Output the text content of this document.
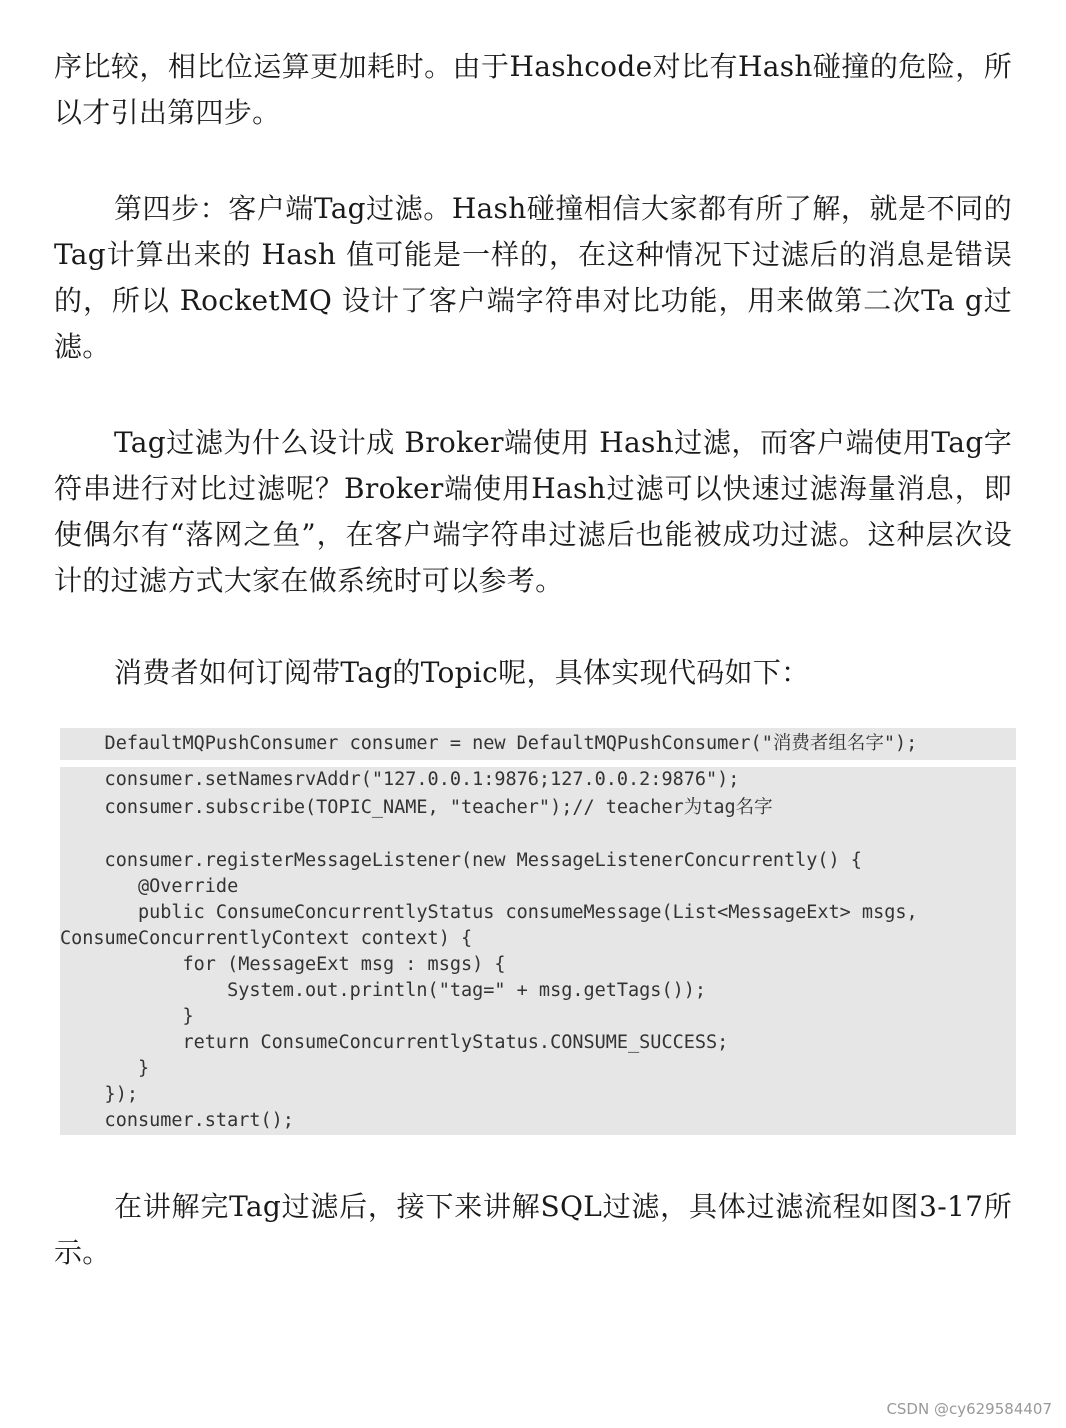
序比较，相比位运算更加耗时。由于Hashcode对比有Hash碰撞的危险，所以才引出第四步。

第四步：客户端Tag过滤。Hash碰撞相信大家都有所了解，就是不同的Tag计算出来的 Hash 值可能是一样的，在这种情况下过滤后的消息是错误的，所以 RocketMQ 设计了客户端字符串对比功能，用来做第二次Ta g过滤。

Tag过滤为什么设计成 Broker端使用 Hash过滤，而客户端使用Tag字符串进行对比过滤呢？Broker端使用Hash过滤可以快速过滤海量消息，即使偶尔有“落网之鱼”，在客户端字符串过滤后也能被成功过滤。这种层次设计的过滤方式大家在做系统时可以参考。

消费者如何订阅带Tag的Topic呢，具体实现代码如下：

DefaultMQPushConsumer consumer = new DefaultMQPushConsumer("消费者组名字");
consumer.setNamesrvAddr("127.0.0.1:9876;127.0.0.2:9876");
consumer.subscribe(TOPIC_NAME, "teacher");// teacher为tag名字
consumer.registerMessageListener(new MessageListenerConcurrently() {
@Override
public ConsumeConcurrentlyStatus consumeMessage(List<MessageExt> msgs,
ConsumeConcurrentlyContext context) {
for (MessageExt msg : msgs) {
System.out.println("tag=" + msg.getTags());
}
return ConsumeConcurrentlyStatus.CONSUME_SUCCESS;
}
});
consumer.start();

在讲解完Tag过滤后，接下来讲解SQL过滤，具体过滤流程如图3-17所示。

CSDN @cy629584407
